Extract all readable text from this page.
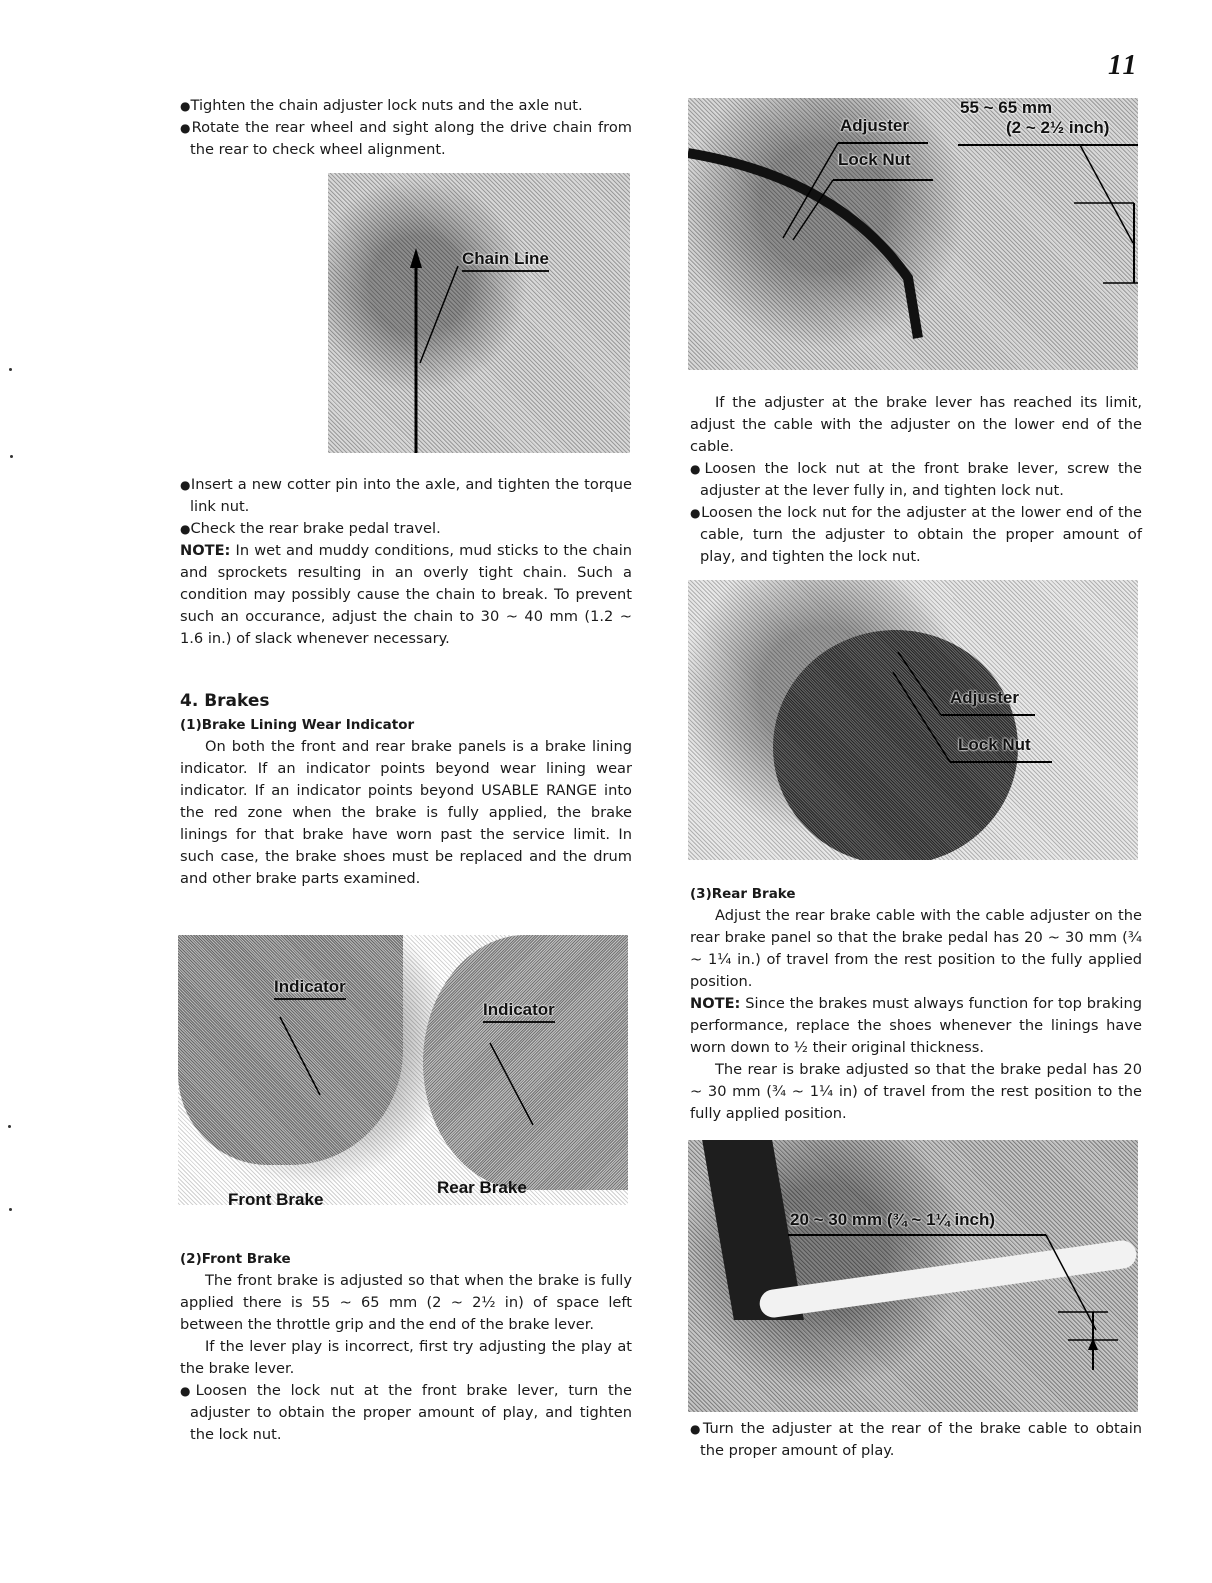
11

●Tighten the chain adjuster lock nuts and the axle nut.

●Rotate the rear wheel and sight along the drive chain from the rear to check wheel alignment.

Chain Line

●Insert a new cotter pin into the axle, and tighten the torque link nut.

●Check the rear brake pedal travel.

NOTE: In wet and muddy conditions, mud sticks to the chain and sprockets resulting in an overly tight chain. Such a condition may possibly cause the chain to break. To prevent such an occurance, adjust the chain to 30 ~ 40 mm (1.2 ~ 1.6 in.) of slack whenever necessary.

4. Brakes

(1)Brake Lining Wear Indicator

On both the front and rear brake panels is a brake lining indicator. If an indicator points beyond wear lining wear indicator. If an indicator points beyond USABLE RANGE into the red zone when the brake is fully applied, the brake linings for that brake have worn past the service limit. In such case, the brake shoes must be replaced and the drum and other brake parts examined.

Indicator
Indicator
Front Brake
Rear Brake

(2)Front Brake

The front brake is adjusted so that when the brake is fully applied there is 55 ~ 65 mm (2 ~ 2½ in) of space left between the throttle grip and the end of the brake lever.

If the lever play is incorrect, first try adjusting the play at the brake lever.

●Loosen the lock nut at the front brake lever, turn the adjuster to obtain the proper amount of play, and tighten the lock nut.

Adjuster
Lock Nut
55 ~ 65 mm
(2 ~ 2½ inch)

If the adjuster at the brake lever has reached its limit, adjust the cable with the adjuster on the lower end of the cable.

●Loosen the lock nut at the front brake lever, screw the adjuster at the lever fully in, and tighten lock nut.

●Loosen the lock nut for the adjuster at the lower end of the cable, turn the adjuster to obtain the proper amount of play, and tighten the lock nut.

Adjuster
Lock Nut

(3)Rear Brake

Adjust the rear brake cable with the cable adjuster on the rear brake panel so that the brake pedal has 20 ~ 30 mm (¾ ~ 1¼ in.) of travel from the rest position to the fully applied position.

NOTE: Since the brakes must always function for top braking performance, replace the shoes whenever the linings have worn down to ½ their original thickness.

The rear is brake adjusted so that the brake pedal has 20 ~ 30 mm (¾ ~ 1¼ in) of travel from the rest position to the fully applied position.

20 ~ 30 mm (¾ ~ 1¼ inch)

●Turn the adjuster at the rear of the brake cable to obtain the proper amount of play.
